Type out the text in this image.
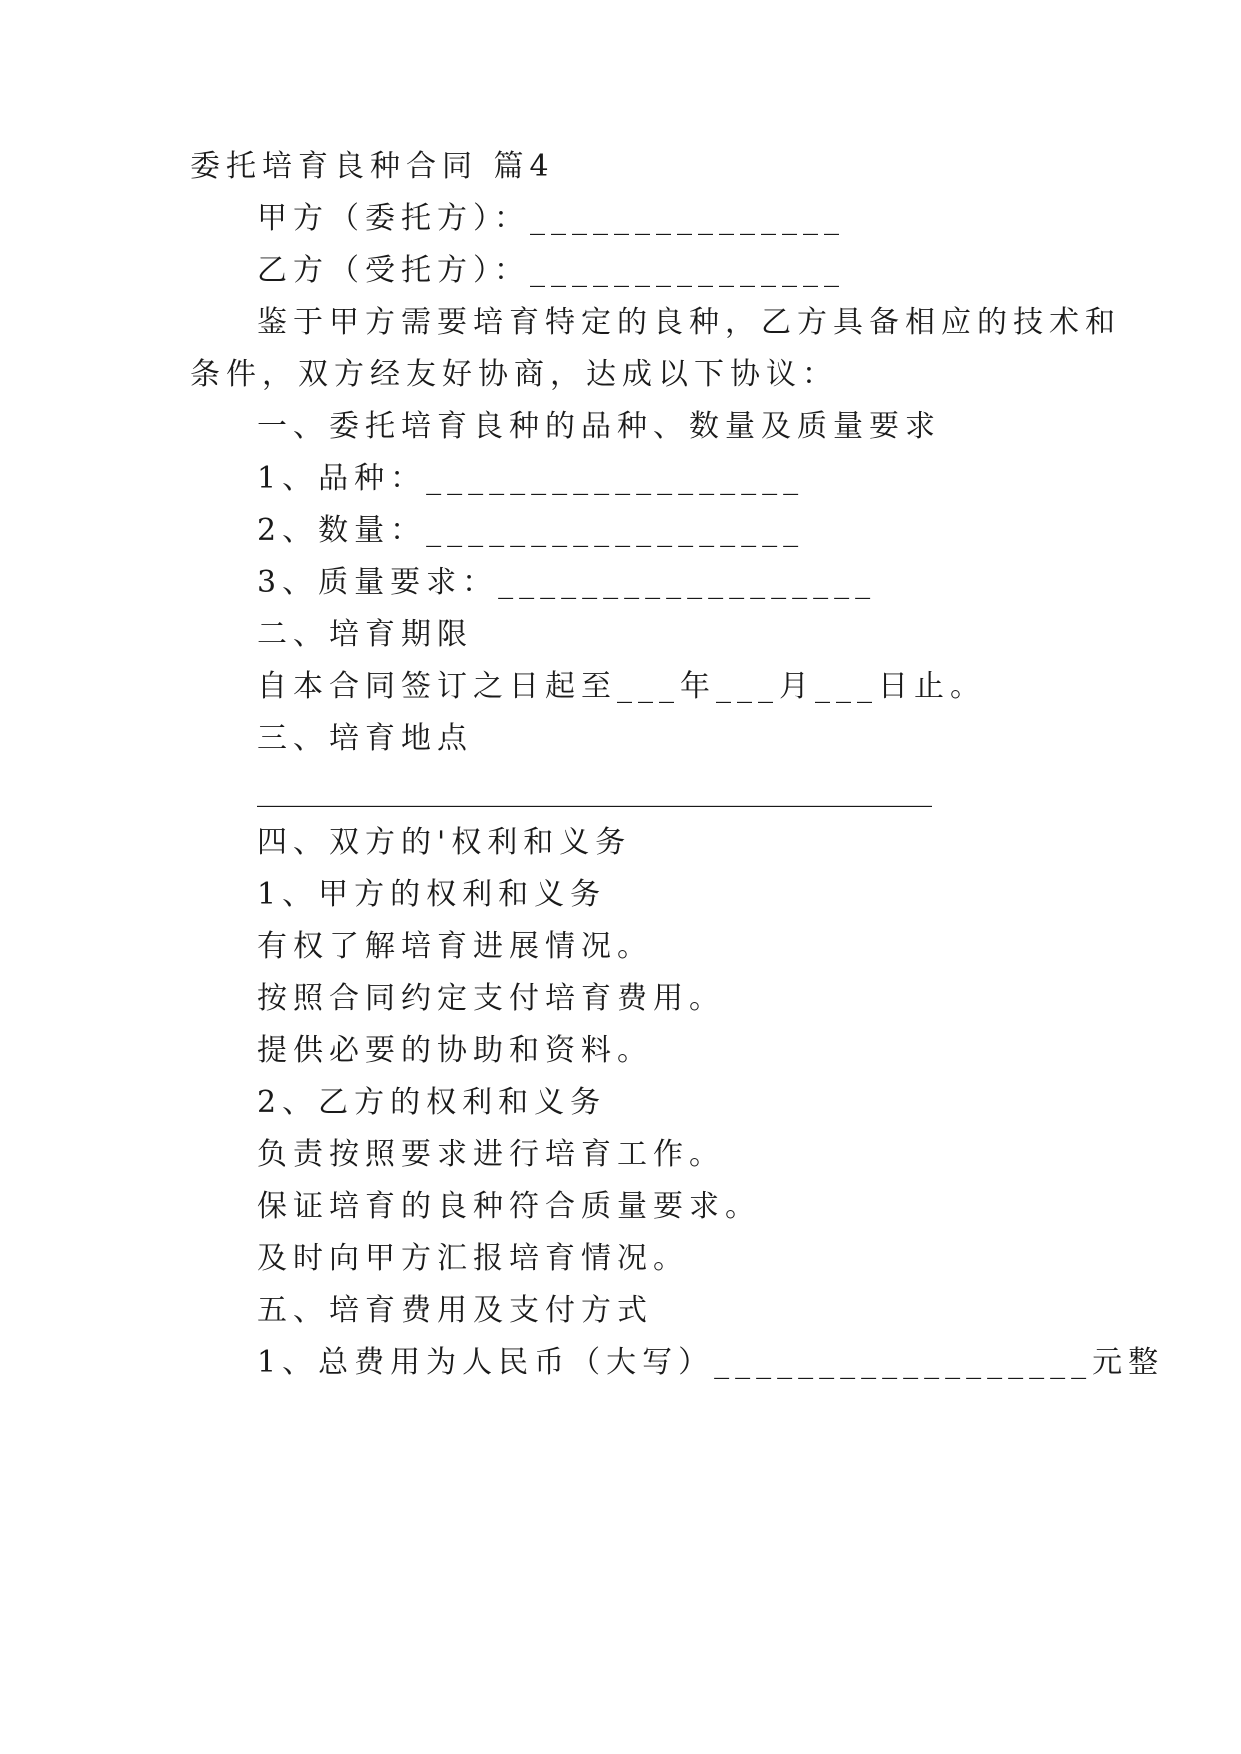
委托培育良种合同 篇4
甲方（委托方）：_______________
乙方（受托方）：_______________
鉴于甲方需要培育特定的良种，乙方具备相应的技术和
条件，双方经友好协商，达成以下协议：
一、委托培育良种的品种、数量及质量要求
1、品种：__________________
2、数量：__________________
3、质量要求：__________________
二、培育期限
自本合同签订之日起至___年___月___日止。
三、培育地点
_____________________________________________
四、双方的'权利和义务
1、甲方的权利和义务
有权了解培育进展情况。
按照合同约定支付培育费用。
提供必要的协助和资料。
2、乙方的权利和义务
负责按照要求进行培育工作。
保证培育的良种符合质量要求。
及时向甲方汇报培育情况。
五、培育费用及支付方式
1、总费用为人民币（大写）__________________元整
